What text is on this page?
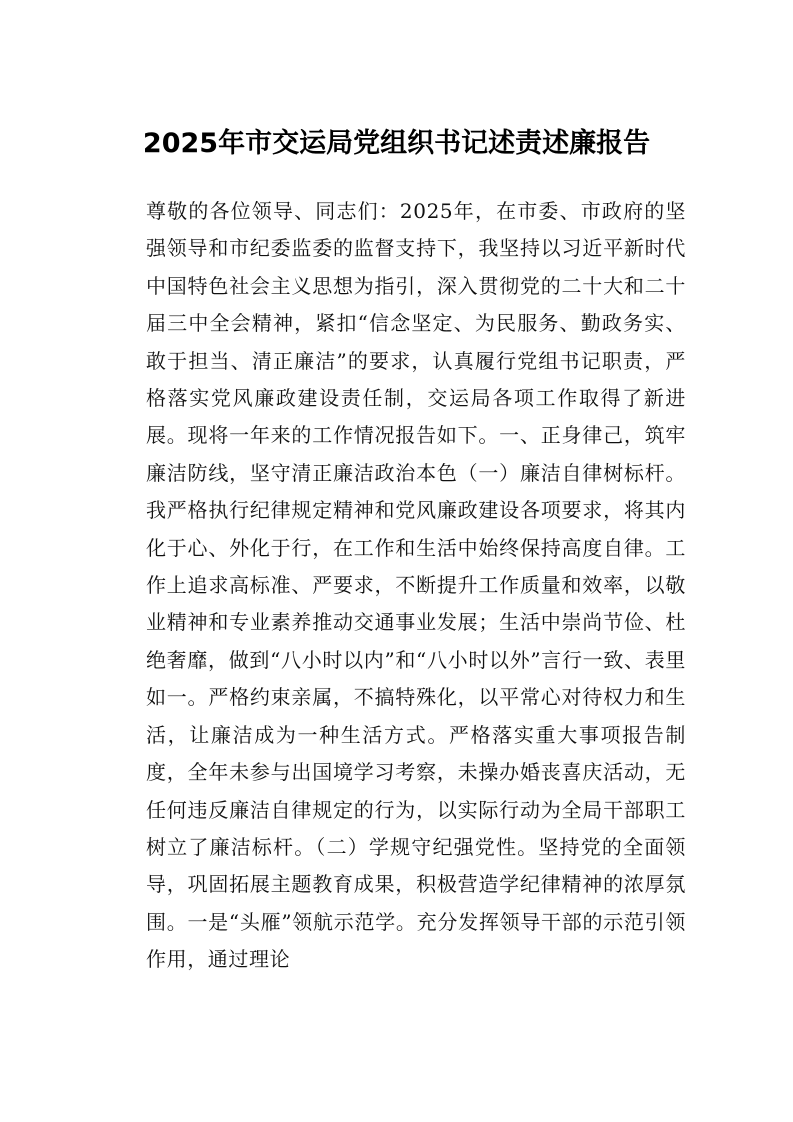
2025年市交运局党组织书记述责述廉报告

尊敬的各位领导、同志们：2025年，在市委、市政府的坚强领导和市纪委监委的监督支持下，我坚持以习近平新时代中国特色社会主义思想为指引，深入贯彻党的二十大和二十届三中全会精神，紧扣“信念坚定、为民服务、勤政务实、敢于担当、清正廉洁”的要求，认真履行党组书记职责，严格落实党风廉政建设责任制，交运局各项工作取得了新进展。现将一年来的工作情况报告如下。一、正身律己，筑牢廉洁防线，坚守清正廉洁政治本色（一）廉洁自律树标杆。我严格执行纪律规定精神和党风廉政建设各项要求，将其内化于心、外化于行，在工作和生活中始终保持高度自律。工作上追求高标准、严要求，不断提升工作质量和效率，以敬业精神和专业素养推动交通事业发展；生活中崇尚节俭、杜绝奢靡，做到“八小时以内”和“八小时以外”言行一致、表里如一。严格约束亲属，不搞特殊化，以平常心对待权力和生活，让廉洁成为一种生活方式。严格落实重大事项报告制度，全年未参与出国境学习考察，未操办婚丧喜庆活动，无任何违反廉洁自律规定的行为，以实际行动为全局干部职工树立了廉洁标杆。（二）学规守纪强党性。坚持党的全面领导，巩固拓展主题教育成果，积极营造学纪律精神的浓厚氛围。一是“头雁”领航示范学。充分发挥领导干部的示范引领作用，通过理论
